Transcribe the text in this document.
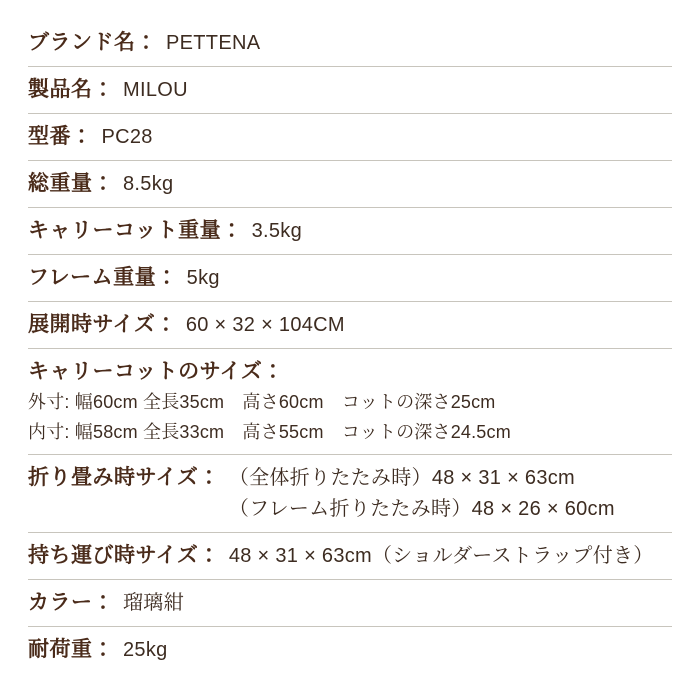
ブランド名： PETTENA
製品名： MILOU
型番： PC28
総重量： 8.5kg
キャリーコット重量： 3.5kg
フレーム重量： 5kg
展開時サイズ： 60 × 32 × 104CM
キャリーコットのサイズ：
外寸: 幅60cm 全長35cm　高さ60cm　コットの深さ25cm
内寸: 幅58cm 全長33cm　高さ55cm　コットの深さ24.5cm
折り畳み時サイズ： （全体折りたたみ時）48 × 31 × 63cm
（フレーム折りたたみ時）48 × 26 × 60cm
持ち運び時サイズ： 48 × 31 × 63cm（ショルダーストラップ付き）
カラー： 瑠璃紺
耐荷重： 25kg
